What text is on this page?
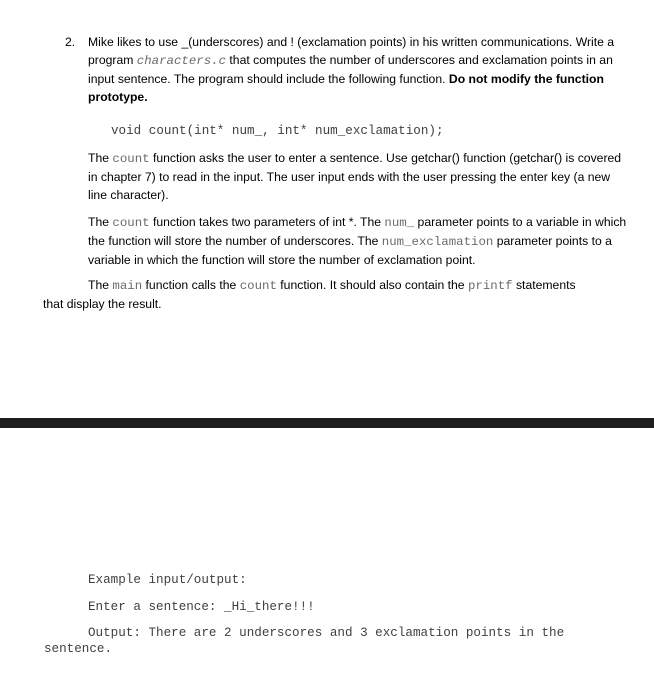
2. Mike likes to use _(underscores) and ! (exclamation points) in his written communications. Write a program characters.c that computes the number of underscores and exclamation points in an input sentence. The program should include the following function. Do not modify the function prototype.
void count(int* num_, int* num_exclamation);
The count function asks the user to enter a sentence. Use getchar() function (getchar() is covered in chapter 7) to read in the input. The user input ends with the user pressing the enter key (a new line character).
The count function takes two parameters of int *. The num_ parameter points to a variable in which the function will store the number of underscores. The num_exclamation parameter points to a variable in which the function will store the number of exclamation point.
The main function calls the count function. It should also contain the printf statements
that display the result.
Example input/output:
Enter a sentence: _Hi_there!!!
Output: There are 2 underscores and 3 exclamation points in the
sentence.
